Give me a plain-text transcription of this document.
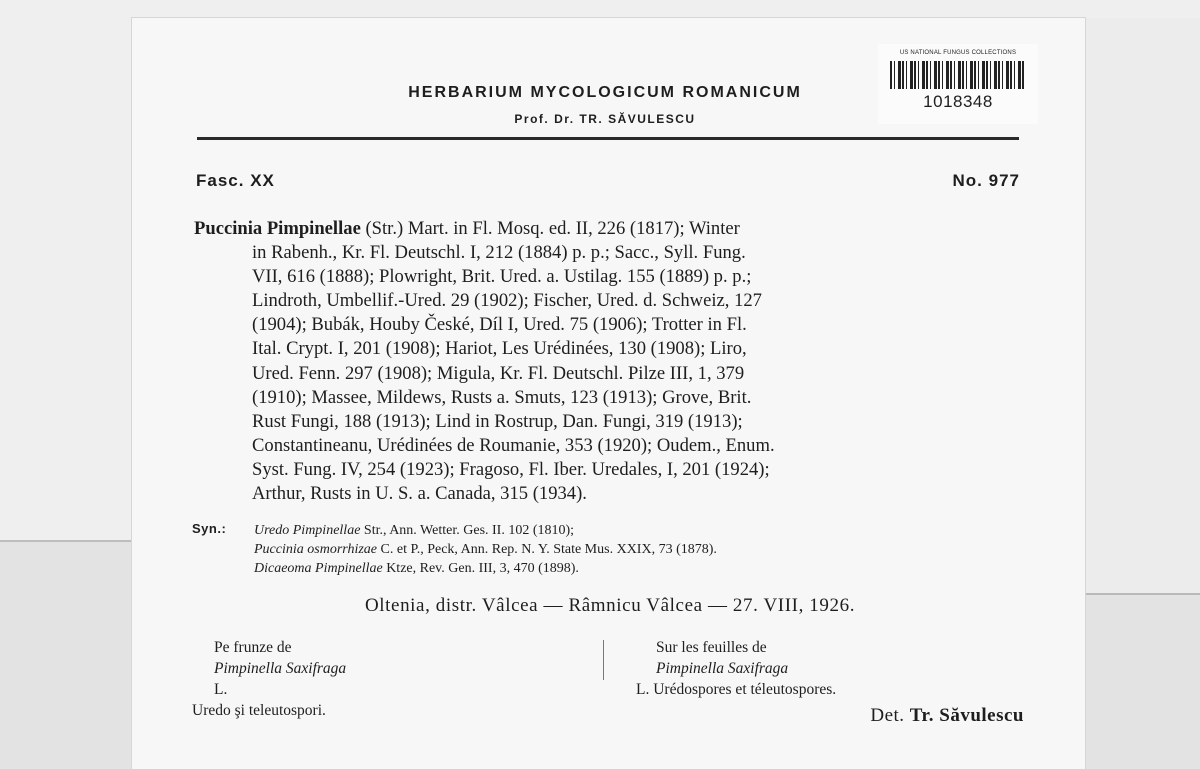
US NATIONAL FUNGUS COLLECTIONS
1018348
HERBARIUM MYCOLOGICUM ROMANICUM
Prof. Dr. TR. SĂVULESCU
Fasc. XX	No. 977
Puccinia Pimpinellae (Str.) Mart. in Fl. Mosq. ed. II, 226 (1817); Winter
in Rabenh., Kr. Fl. Deutschl. I, 212 (1884) p. p.; Sacc., Syll. Fung.
VII, 616 (1888); Plowright, Brit. Ured. a. Ustilag. 155 (1889) p. p.;
Lindroth, Umbellif.-Ured. 29 (1902); Fischer, Ured. d. Schweiz, 127
(1904); Bubák, Houby České, Díl I, Ured. 75 (1906); Trotter in Fl.
Ital. Crypt. I, 201 (1908); Hariot, Les Urédinées, 130 (1908); Liro,
Ured. Fenn. 297 (1908); Migula, Kr. Fl. Deutschl. Pilze III, 1, 379
(1910); Massee, Mildews, Rusts a. Smuts, 123 (1913); Grove, Brit.
Rust Fungi, 188 (1913); Lind in Rostrup, Dan. Fungi, 319 (1913);
Constantineanu, Urédinées de Roumanie, 353 (1920); Oudem., Enum.
Syst. Fung. IV, 254 (1923); Fragoso, Fl. Iber. Uredales, I, 201 (1924);
Arthur, Rusts in U. S. a. Canada, 315 (1934).
Syn.: Uredo Pimpinellae Str., Ann. Wetter. Ges. II. 102 (1810);
Puccinia osmorrhizae C. et P., Peck, Ann. Rep. N. Y. State Mus. XXIX, 73 (1878).
Dicaeoma Pimpinellae Ktze, Rev. Gen. III, 3, 470 (1898).
Oltenia, distr. Vâlcea — Râmnicu Vâlcea — 27. VIII, 1926.
Pe frunze de
Pimpinella Saxifraga
L.
Uredo şi teleutospori.
Sur les feuilles de
Pimpinella Saxifraga
L. Urédospores et téleutospores.
Det. Tr. Săvulescu
